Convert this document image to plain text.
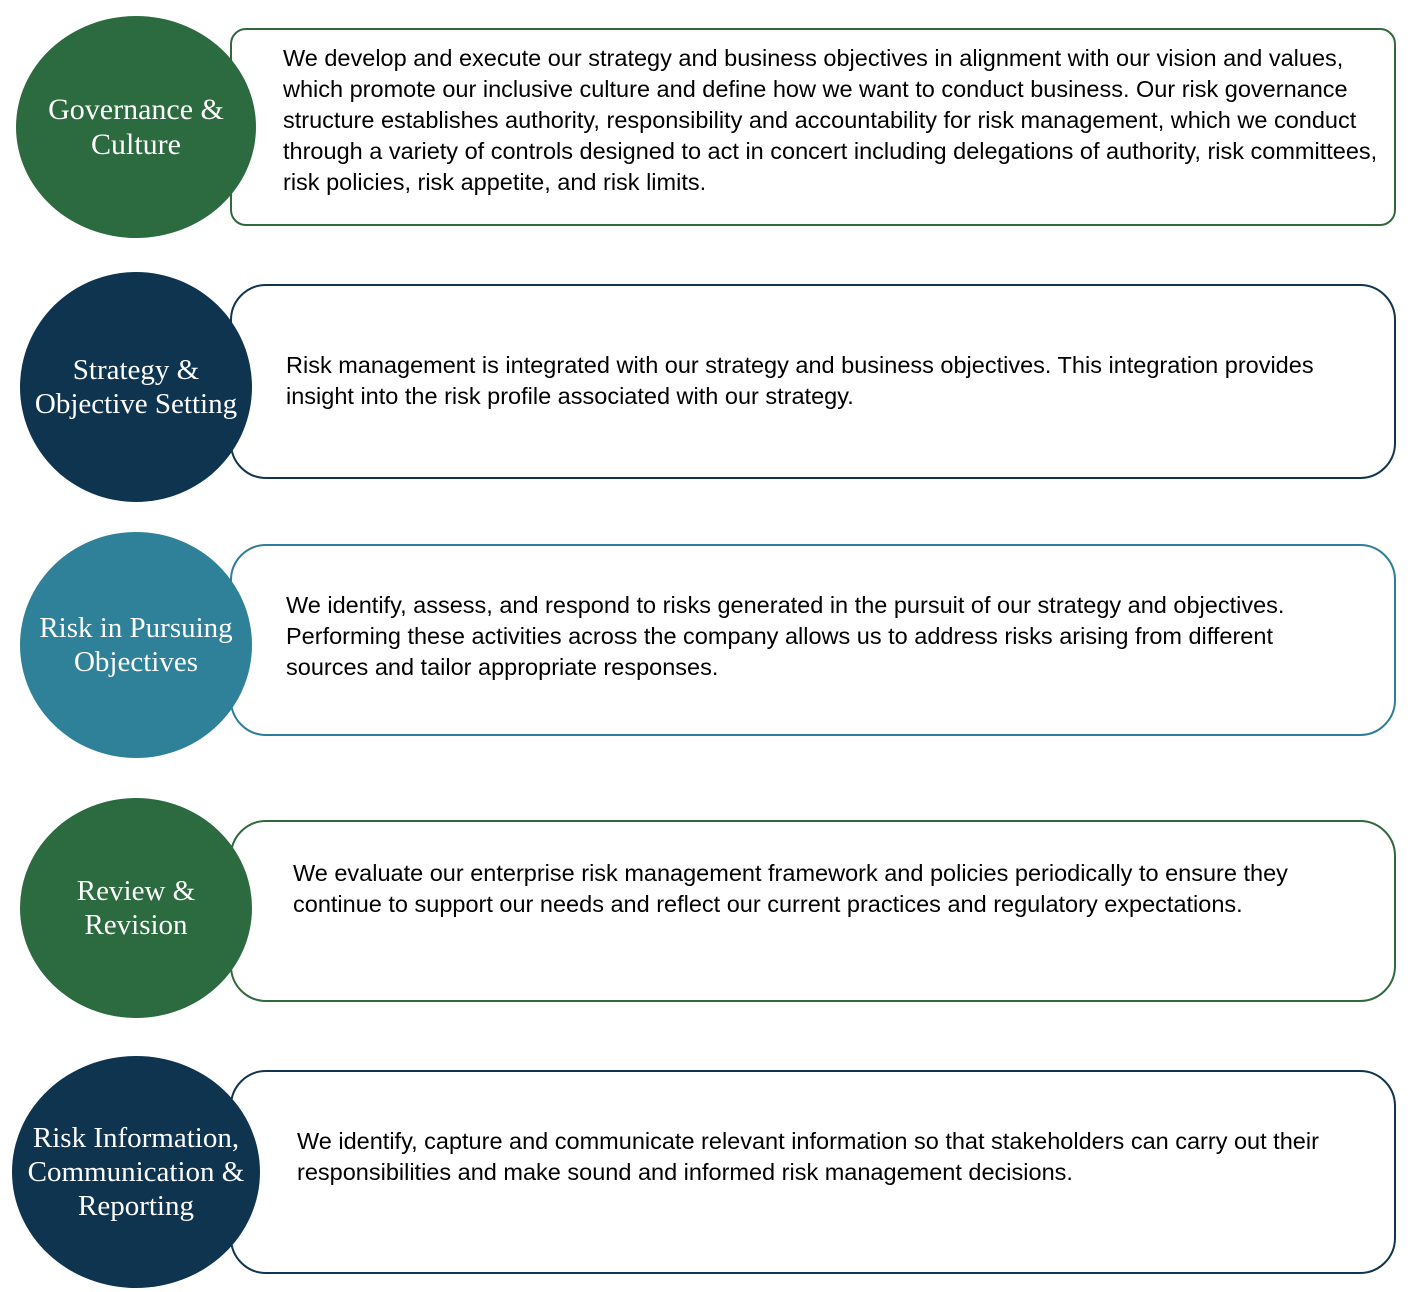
We develop and execute our strategy and business objectives in alignment with our vision and values, which promote our inclusive culture and define how we want to conduct business. Our risk governance structure establishes authority, responsibility and accountability for risk management, which we conduct through a variety of controls designed to act in concert including delegations of authority, risk committees, risk policies, risk appetite, and risk limits.
Governance & Culture
Risk management is integrated with our strategy and business objectives. This integration provides insight into the risk profile associated with our strategy.
Strategy & Objective Setting
We identify, assess, and respond to risks generated in the pursuit of our strategy and objectives. Performing these activities across the company allows us to address risks arising from different sources and tailor appropriate responses.
Risk in Pursuing Objectives
We evaluate our enterprise risk management framework and policies periodically to ensure they continue to support our needs and reflect our current practices and regulatory expectations.
Review & Revision
We identify, capture and communicate relevant information so that stakeholders can carry out their responsibilities and make sound and informed risk management decisions.
Risk Information, Communication & Reporting
